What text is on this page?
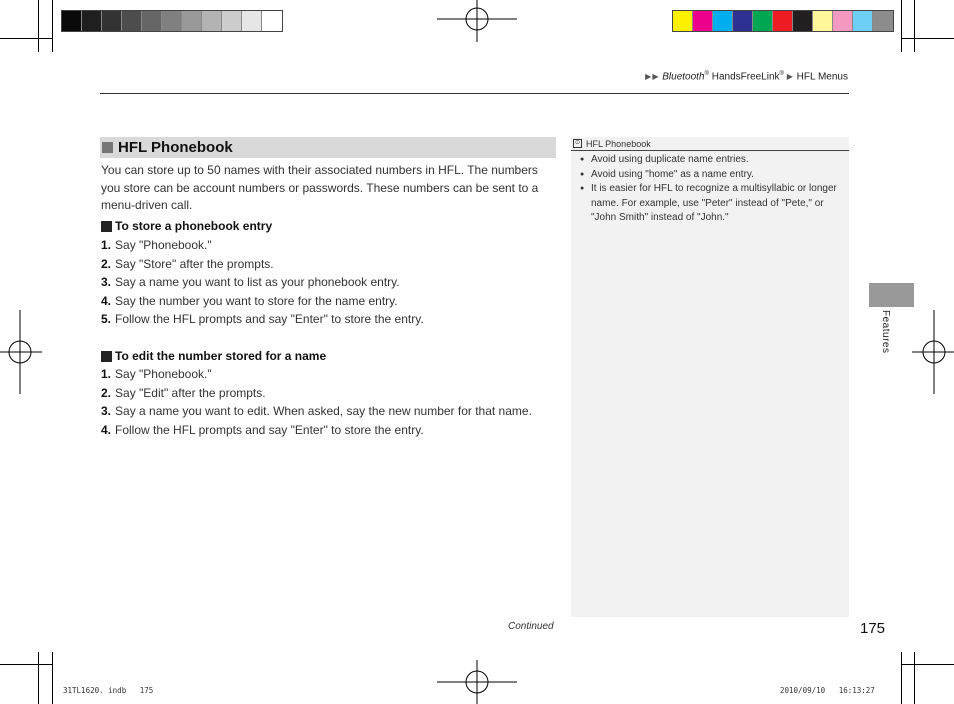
▶▶ Bluetooth® HandsFreeLink® ▶ HFL Menus
HFL Phonebook
You can store up to 50 names with their associated numbers in HFL. The numbers you store can be account numbers or passwords. These numbers can be sent to a menu-driven call.
To store a phonebook entry
1. Say "Phonebook."
2. Say "Store" after the prompts.
3. Say a name you want to list as your phonebook entry.
4. Say the number you want to store for the name entry.
5. Follow the HFL prompts and say "Enter" to store the entry.
To edit the number stored for a name
1. Say "Phonebook."
2. Say "Edit" after the prompts.
3. Say a name you want to edit. When asked, say the new number for that name.
4. Follow the HFL prompts and say "Enter" to store the entry.
⊙ HFL Phonebook
● Avoid using duplicate name entries.
● Avoid using "home" as a name entry.
● It is easier for HFL to recognize a multisyllabic or longer name. For example, use "Peter" instead of "Pete," or "John Smith" instead of "John."
Features
Continued	175
31TL1620. indb   175	2010/09/10   16:13:27
